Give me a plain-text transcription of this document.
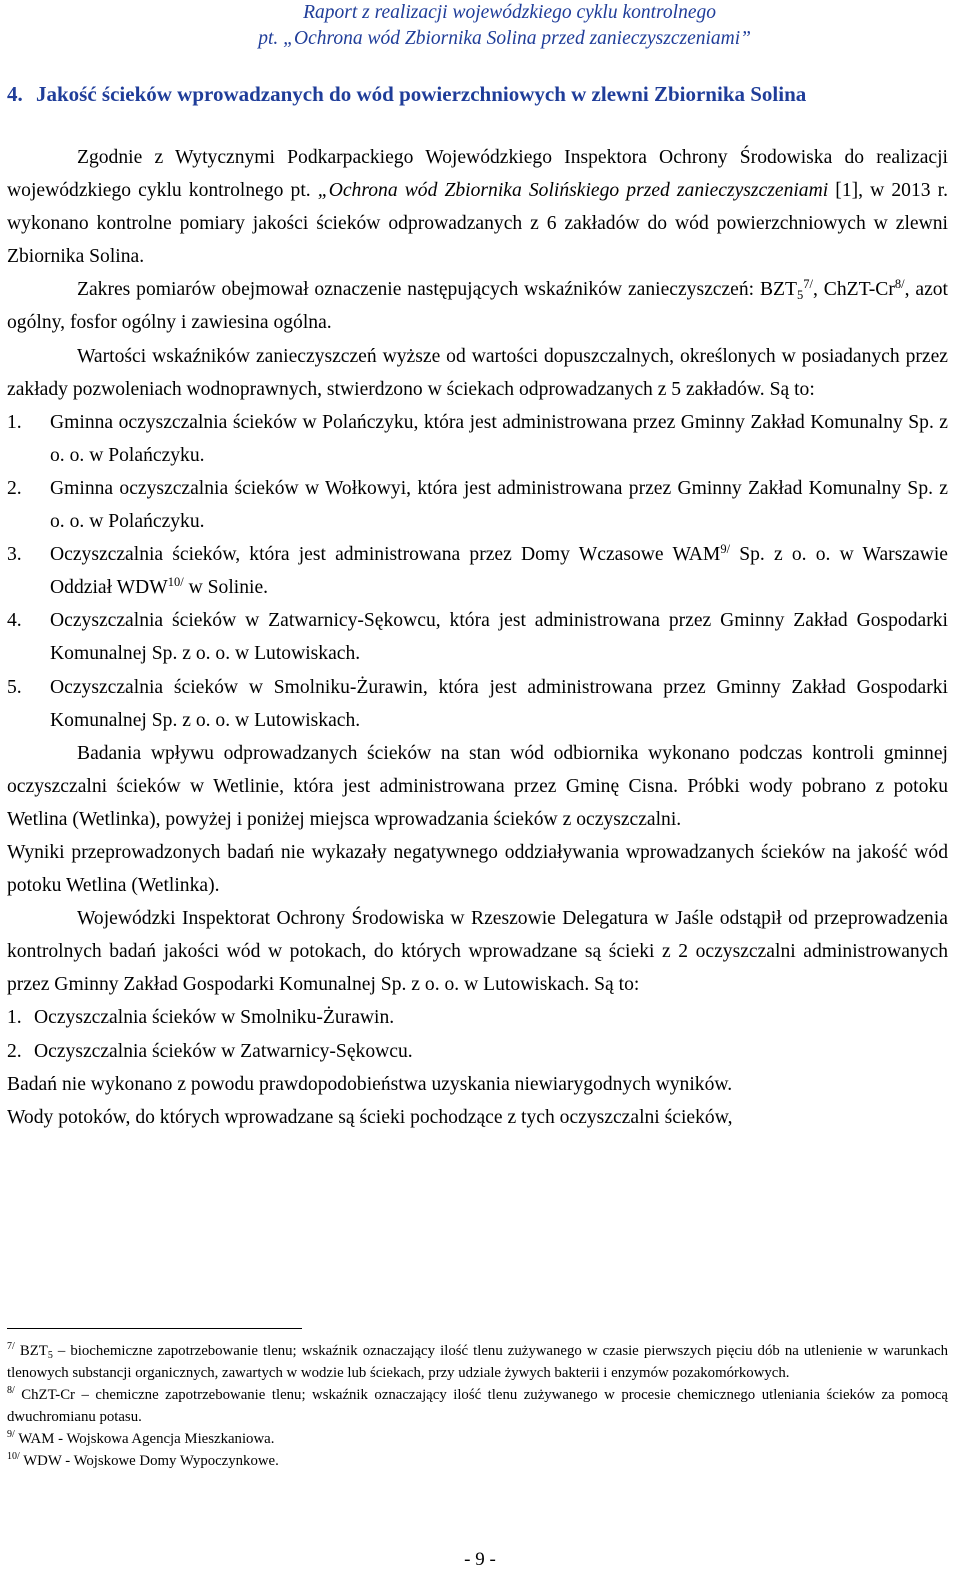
Raport z realizacji wojewódzkiego cyklu kontrolnego
pt. „Ochrona wód Zbiornika Solina przed zanieczyszczeniami”
4. Jakość ścieków wprowadzanych do wód powierzchniowych w zlewni Zbiornika Solina

Zgodnie z Wytycznymi Podkarpackiego Wojewódzkiego Inspektora Ochrony Środowiska do realizacji wojewódzkiego cyklu kontrolnego pt. „Ochrona wód Zbiornika Solińskiego przed zanieczyszczeniami [1], w 2013 r. wykonano kontrolne pomiary jakości ścieków odprowadzanych z 6 zakładów do wód powierzchniowych w zlewni Zbiornika Solina.

Zakres pomiarów obejmował oznaczenie następujących wskaźników zanieczyszczeń: $BZT_5^{7/}$, ChZT-$Cr^{8/}$, azot ogólny, fosfor ogólny i zawiesina ogólna.

Wartości wskaźników zanieczyszczeń wyższe od wartości dopuszczalnych, określonych w posiadanych przez zakłady pozwoleniach wodnoprawnych, stwierdzono w ściekach odprowadzanych z 5 zakładów. Są to:

1.	Gminna oczyszczalnia ścieków w Polańczyku, która jest administrowana przez Gminny Zakład Komunalny Sp. z o. o. w Polańczyku.
2.	Gminna oczyszczalnia ścieków w Wołkowyi, która jest administrowana przez Gminny Zakład Komunalny Sp. z o. o. w Polańczyku.
3.	Oczyszczalnia ścieków, która jest administrowana przez Domy Wczasowe $WAM^{9/}$ Sp. z o. o. w Warszawie Oddział $WDW^{10/}$ w Solinie.
4.	Oczyszczalnia ścieków w Zatwarnicy-Sękowcu, która jest administrowana przez Gminny Zakład Gospodarki Komunalnej Sp. z o. o. w Lutowiskach.
5.	Oczyszczalnia ścieków w Smolniku-Żurawin, która jest administrowana przez Gminny Zakład Gospodarki Komunalnej Sp. z o. o. w Lutowiskach.

Badania wpływu odprowadzanych ścieków na stan wód odbiornika wykonano podczas kontroli gminnej oczyszczalni ścieków w Wetlinie, która jest administrowana przez Gminę Cisna. Próbki wody pobrano z potoku Wetlina (Wetlinka), powyżej i poniżej miejsca wprowadzania ścieków z oczyszczalni.

Wyniki przeprowadzonych badań nie wykazały negatywnego oddziaływania wprowadzanych ścieków na jakość wód potoku Wetlina (Wetlinka).

Wojewódzki Inspektorat Ochrony Środowiska w Rzeszowie Delegatura w Jaśle odstąpił od przeprowadzenia kontrolnych badań jakości wód w potokach, do których wprowadzane są ścieki z 2 oczyszczalni administrowanych przez Gminny Zakład Gospodarki Komunalnej Sp. z o. o. w Lutowiskach. Są to:

1. Oczyszczalnia ścieków w Smolniku-Żurawin.
2. Oczyszczalnia ścieków w Zatwarnicy-Sękowcu.

Badań nie wykonano z powodu prawdopodobieństwa uzyskania niewiarygodnych wyników.

Wody potoków, do których wprowadzane są ścieki pochodzące z tych oczyszczalni ścieków,

$^{7/}$ $BZT_5$ – biochemiczne zapotrzebowanie tlenu; wskaźnik oznaczający ilość tlenu zużywanego w czasie pierwszych pięciu dób na utlenienie w warunkach tlenowych substancji organicznych, zawartych w wodzie lub ściekach, przy udziale żywych bakterii i enzymów pozakomórkowych.

$^{8/}$ ChZT-Cr – chemiczne zapotrzebowanie tlenu; wskaźnik oznaczający ilość tlenu zużywanego w procesie chemicznego utleniania ścieków za pomocą dwuchromianu potasu.

$^{9/}$ WAM - Wojskowa Agencja Mieszkaniowa.

$^{10/}$ WDW - Wojskowe Domy Wypoczynkowe.

- 9 -
